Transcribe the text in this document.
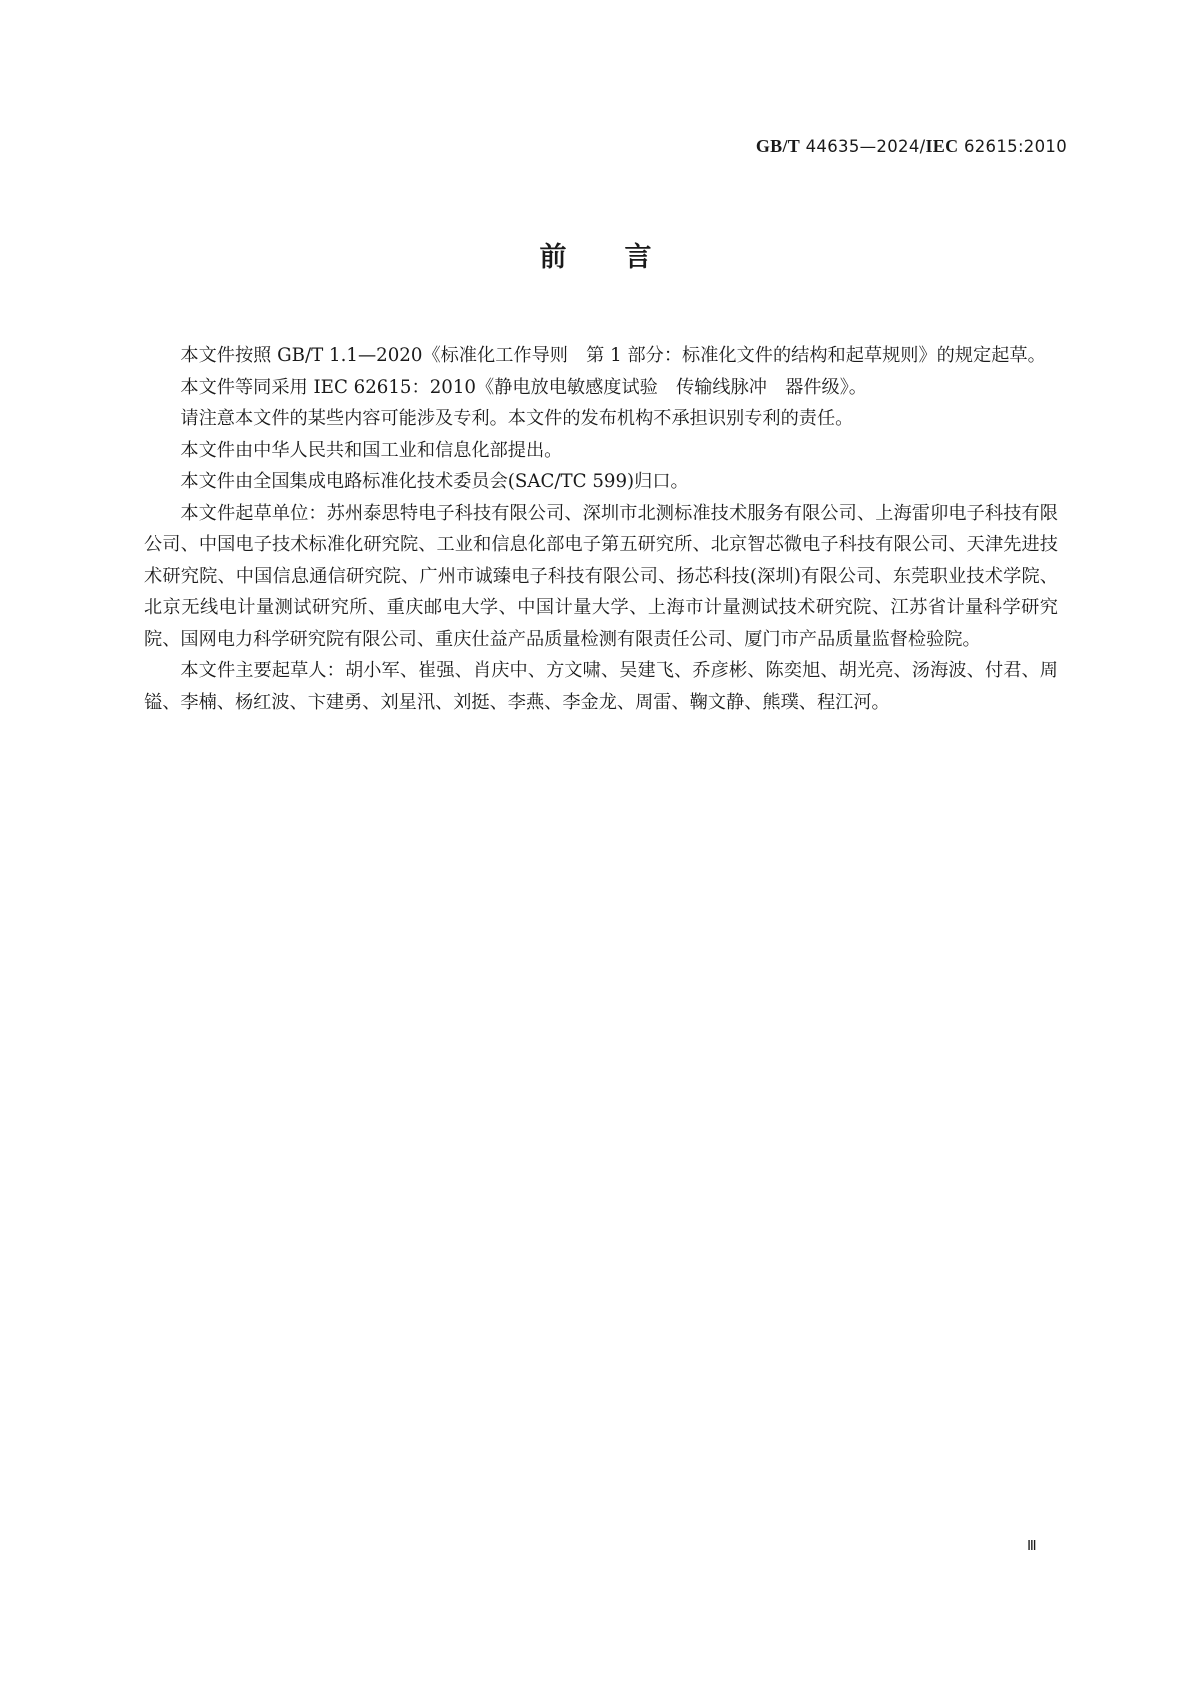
GB/T 44635—2024/IEC 62615:2010
前 言

本文件按照 GB/T 1.1—2020《标准化工作导则　第 1 部分：标准化文件的结构和起草规则》的规定起草。

本文件等同采用 IEC 62615：2010《静电放电敏感度试验　传输线脉冲　器件级》。

请注意本文件的某些内容可能涉及专利。本文件的发布机构不承担识别专利的责任。

本文件由中华人民共和国工业和信息化部提出。

本文件由全国集成电路标准化技术委员会(SAC/TC 599)归口。

本文件起草单位：苏州泰思特电子科技有限公司、深圳市北测标准技术服务有限公司、上海雷卯电子科技有限公司、中国电子技术标准化研究院、工业和信息化部电子第五研究所、北京智芯微电子科技有限公司、天津先进技术研究院、中国信息通信研究院、广州市诚臻电子科技有限公司、扬芯科技(深圳)有限公司、东莞职业技术学院、北京无线电计量测试研究所、重庆邮电大学、中国计量大学、上海市计量测试技术研究院、江苏省计量科学研究院、国网电力科学研究院有限公司、重庆仕益产品质量检测有限责任公司、厦门市产品质量监督检验院。

本文件主要起草人：胡小军、崔强、肖庆中、方文啸、吴建飞、乔彦彬、陈奕旭、胡光亮、汤海波、付君、周镒、李楠、杨红波、卞建勇、刘星汛、刘挺、李燕、李金龙、周雷、鞠文静、熊璞、程江河。

Ⅲ
